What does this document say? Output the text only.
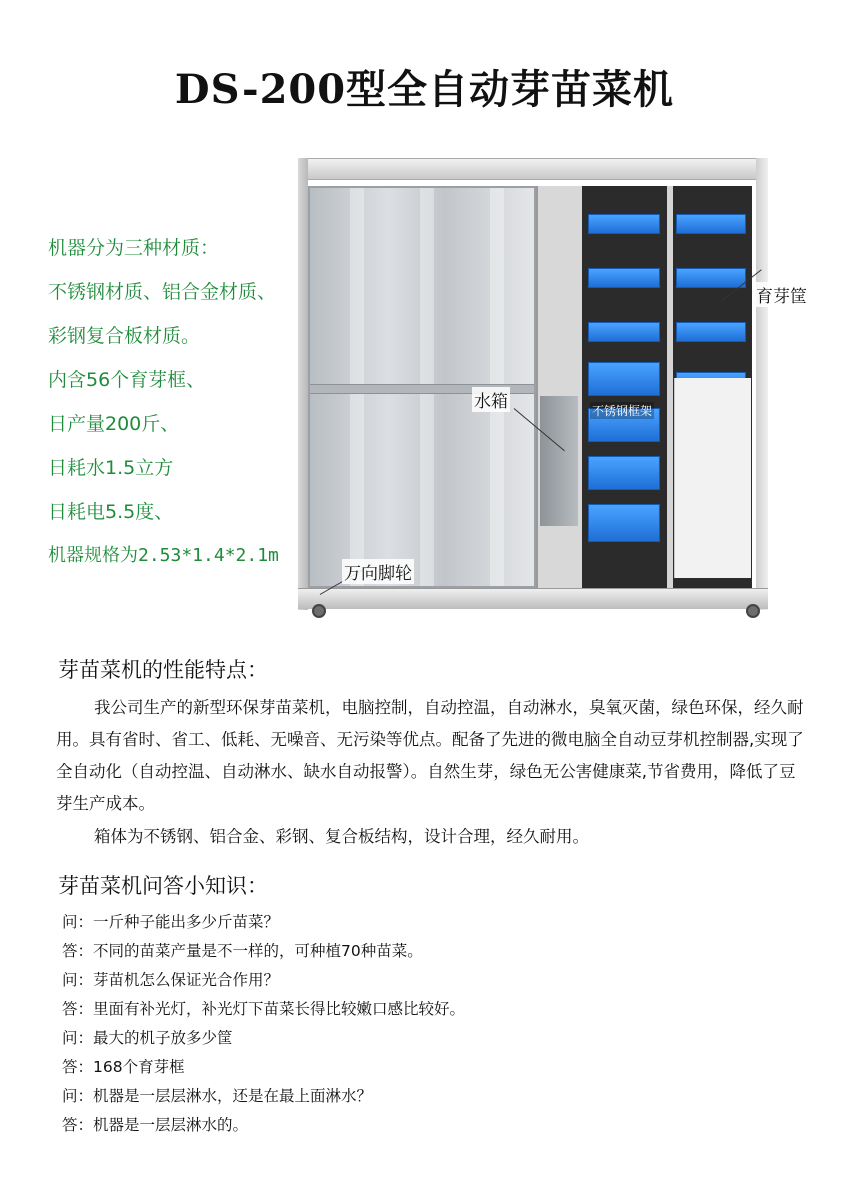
DS-200型全自动芽苗菜机
机器分为三种材质：
不锈钢材质、铝合金材质、
彩钢复合板材质。
内含56个育芽框、
日产量200斤、
日耗水1.5立方
日耗电5.5度、
机器规格为2.53*1.4*2.1m
育芽筐
水箱	不锈钢框架
万向脚轮
芽苗菜机的性能特点：
我公司生产的新型环保芽苗菜机，电脑控制，自动控温，自动淋水，臭氧灭菌，绿色环保，经久耐用。具有省时、省工、低耗、无噪音、无污染等优点。配备了先进的微电脑全自动豆芽机控制器,实现了全自动化（自动控温、自动淋水、缺水自动报警）。自然生芽，绿色无公害健康菜,节省费用，降低了豆芽生产成本。
箱体为不锈钢、铝合金、彩钢、复合板结构，设计合理，经久耐用。
芽苗菜机问答小知识：
问：一斤种子能出多少斤苗菜？
答：不同的苗菜产量是不一样的，可种植70种苗菜。
问：芽苗机怎么保证光合作用？
答：里面有补光灯，补光灯下苗菜长得比较嫩口感比较好。
问：最大的机子放多少筐
答：168个育芽框
问：机器是一层层淋水，还是在最上面淋水？
答：机器是一层层淋水的。
